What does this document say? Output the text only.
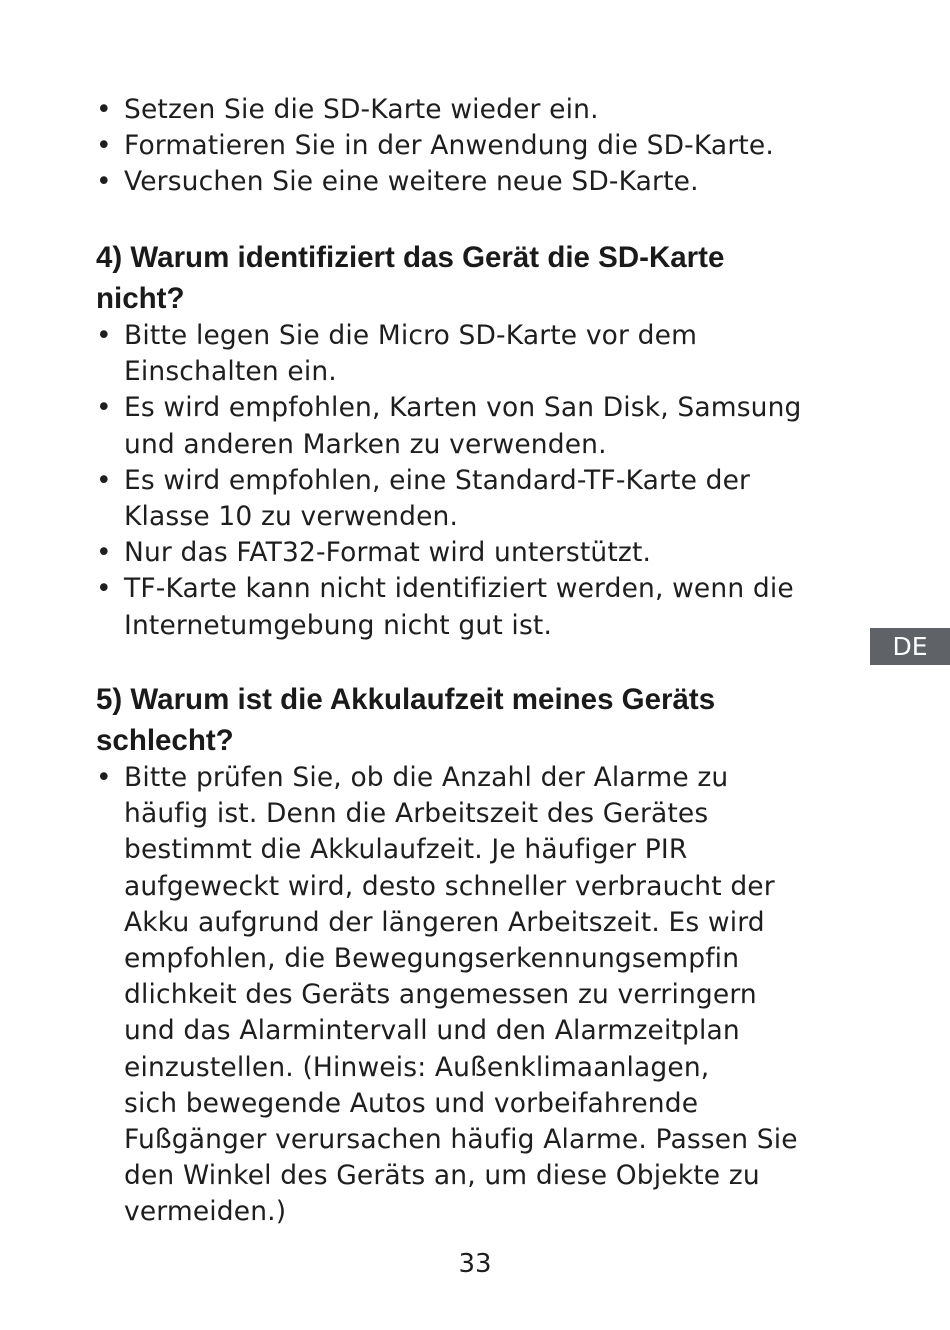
• Setzen Sie die SD-Karte wieder ein.
• Formatieren Sie in der Anwendung die SD-Karte.
• Versuchen Sie eine weitere neue SD-Karte.
4) Warum identifiziert das Gerät die SD-Karte
nicht?
• Bitte legen Sie die Micro SD-Karte vor dem
Einschalten ein.
• Es wird empfohlen, Karten von San Disk, Samsung
und anderen Marken zu verwenden.
• Es wird empfohlen, eine Standard-TF-Karte der
Klasse 10 zu verwenden.
• Nur das FAT32-Format wird unterstützt.
• TF-Karte kann nicht identifiziert werden, wenn die
Internetumgebung nicht gut ist.
5) Warum ist die Akkulaufzeit meines Geräts
schlecht?
• Bitte prüfen Sie, ob die Anzahl der Alarme zu
häufig ist. Denn die Arbeitszeit des Gerätes
bestimmt die Akkulaufzeit. Je häufiger PIR
aufgeweckt wird, desto schneller verbraucht der
Akku aufgrund der längeren Arbeitszeit. Es wird
empfohlen, die Bewegungserkennungsempfin
dlichkeit des Geräts angemessen zu verringern
und das Alarmintervall und den Alarmzeitplan
einzustellen. (Hinweis: Außenklimaanlagen,
sich bewegende Autos und vorbeifahrende
Fußgänger verursachen häufig Alarme. Passen Sie
den Winkel des Geräts an, um diese Objekte zu
vermeiden.)
DE
33
